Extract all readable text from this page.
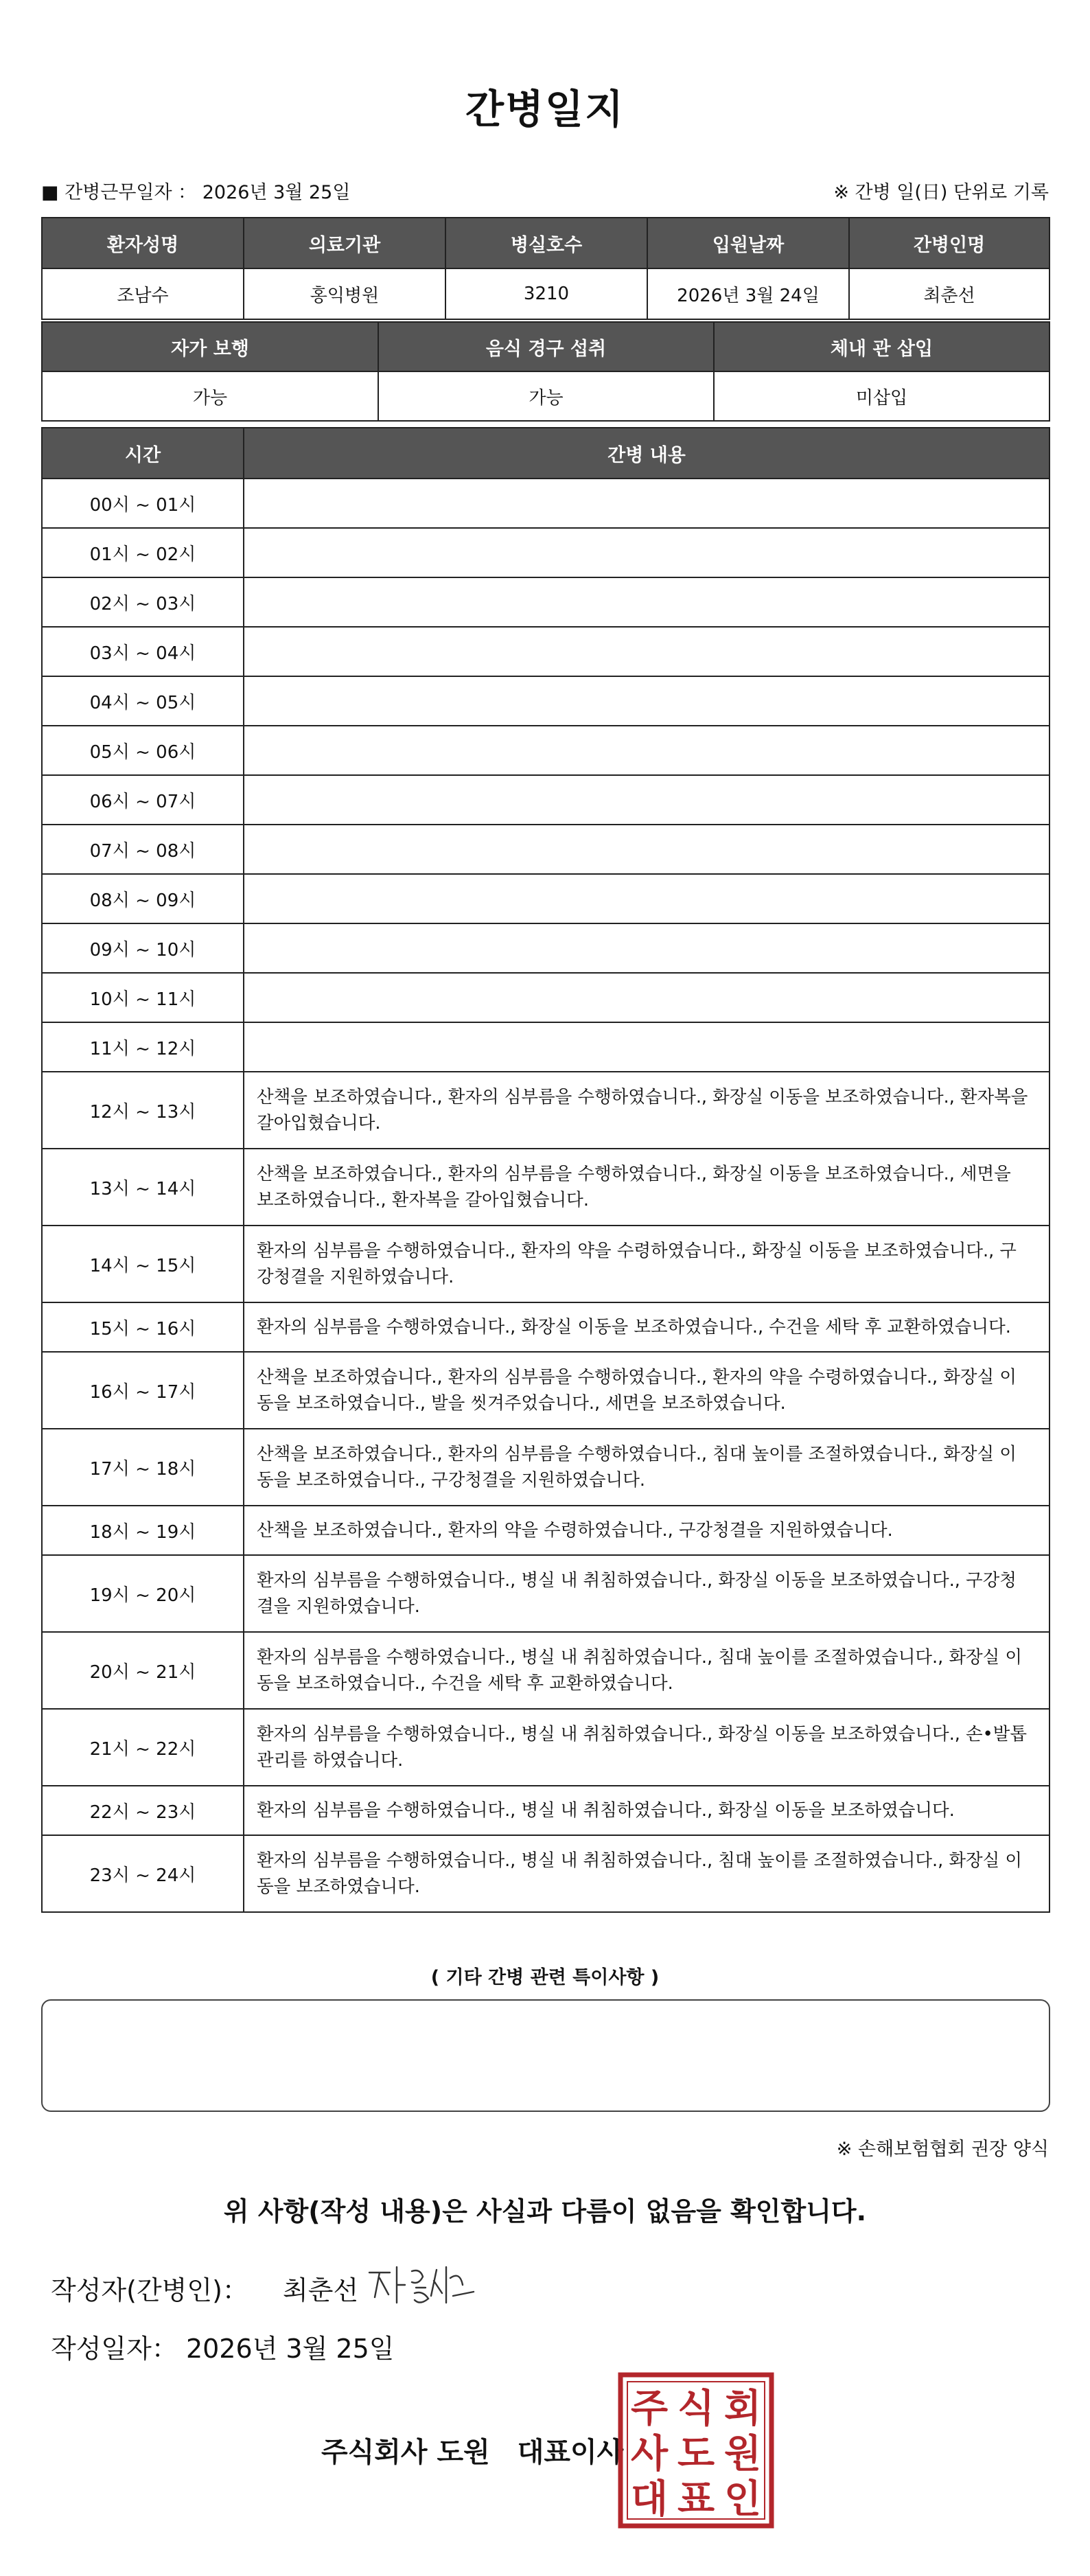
간병일지
■ 간병근무일자 ： 2026년 3월 25일	※ 간병 일(日) 단위로 기록
환자성명	의료기관	병실호수	입원날짜	간병인명
조남수	홍익병원	3210	2026년 3월 24일	최춘선
자가 보행	음식 경구 섭취	체내 관 삽입
가능	가능	미삽입
시간	간병 내용
00시 ~ 01시	
01시 ~ 02시	
02시 ~ 03시	
03시 ~ 04시	
04시 ~ 05시	
05시 ~ 06시	
06시 ~ 07시	
07시 ~ 08시	
08시 ~ 09시	
09시 ~ 10시	
10시 ~ 11시	
11시 ~ 12시	
12시 ~ 13시	산책을 보조하였습니다., 환자의 심부름을 수행하였습니다., 화장실 이동을 보조하였습니다., 환자복을 갈아입혔습니다.
13시 ~ 14시	산책을 보조하였습니다., 환자의 심부름을 수행하였습니다., 화장실 이동을 보조하였습니다., 세면을 보조하였습니다., 환자복을 갈아입혔습니다.
14시 ~ 15시	환자의 심부름을 수행하였습니다., 환자의 약을 수령하였습니다., 화장실 이동을 보조하였습니다., 구강청결을 지원하였습니다.
15시 ~ 16시	환자의 심부름을 수행하였습니다., 화장실 이동을 보조하였습니다., 수건을 세탁 후 교환하였습니다.
16시 ~ 17시	산책을 보조하였습니다., 환자의 심부름을 수행하였습니다., 환자의 약을 수령하였습니다., 화장실 이동을 보조하였습니다., 발을 씻겨주었습니다., 세면을 보조하였습니다.
17시 ~ 18시	산책을 보조하였습니다., 환자의 심부름을 수행하였습니다., 침대 높이를 조절하였습니다., 화장실 이동을 보조하였습니다., 구강청결을 지원하였습니다.
18시 ~ 19시	산책을 보조하였습니다., 환자의 약을 수령하였습니다., 구강청결을 지원하였습니다.
19시 ~ 20시	환자의 심부름을 수행하였습니다., 병실 내 취침하였습니다., 화장실 이동을 보조하였습니다., 구강청결을 지원하였습니다.
20시 ~ 21시	환자의 심부름을 수행하였습니다., 병실 내 취침하였습니다., 침대 높이를 조절하였습니다., 화장실 이동을 보조하였습니다., 수건을 세탁 후 교환하였습니다.
21시 ~ 22시	환자의 심부름을 수행하였습니다., 병실 내 취침하였습니다., 화장실 이동을 보조하였습니다., 손•발톱 관리를 하였습니다.
22시 ~ 23시	환자의 심부름을 수행하였습니다., 병실 내 취침하였습니다., 화장실 이동을 보조하였습니다.
23시 ~ 24시	환자의 심부름을 수행하였습니다., 병실 내 취침하였습니다., 침대 높이를 조절하였습니다., 화장실 이동을 보조하였습니다.
( 기타 간병 관련 특이사항 )
※ 손해보험협회 권장 양식
위 사항(작성 내용)은 사실과 다름이 없음을 확인합니다.
작성자(간병인)： 최춘선
작성일자： 2026년 3월 25일
주식회사 도원　대표이사
주 식 회
사 도 원
대 표 인
